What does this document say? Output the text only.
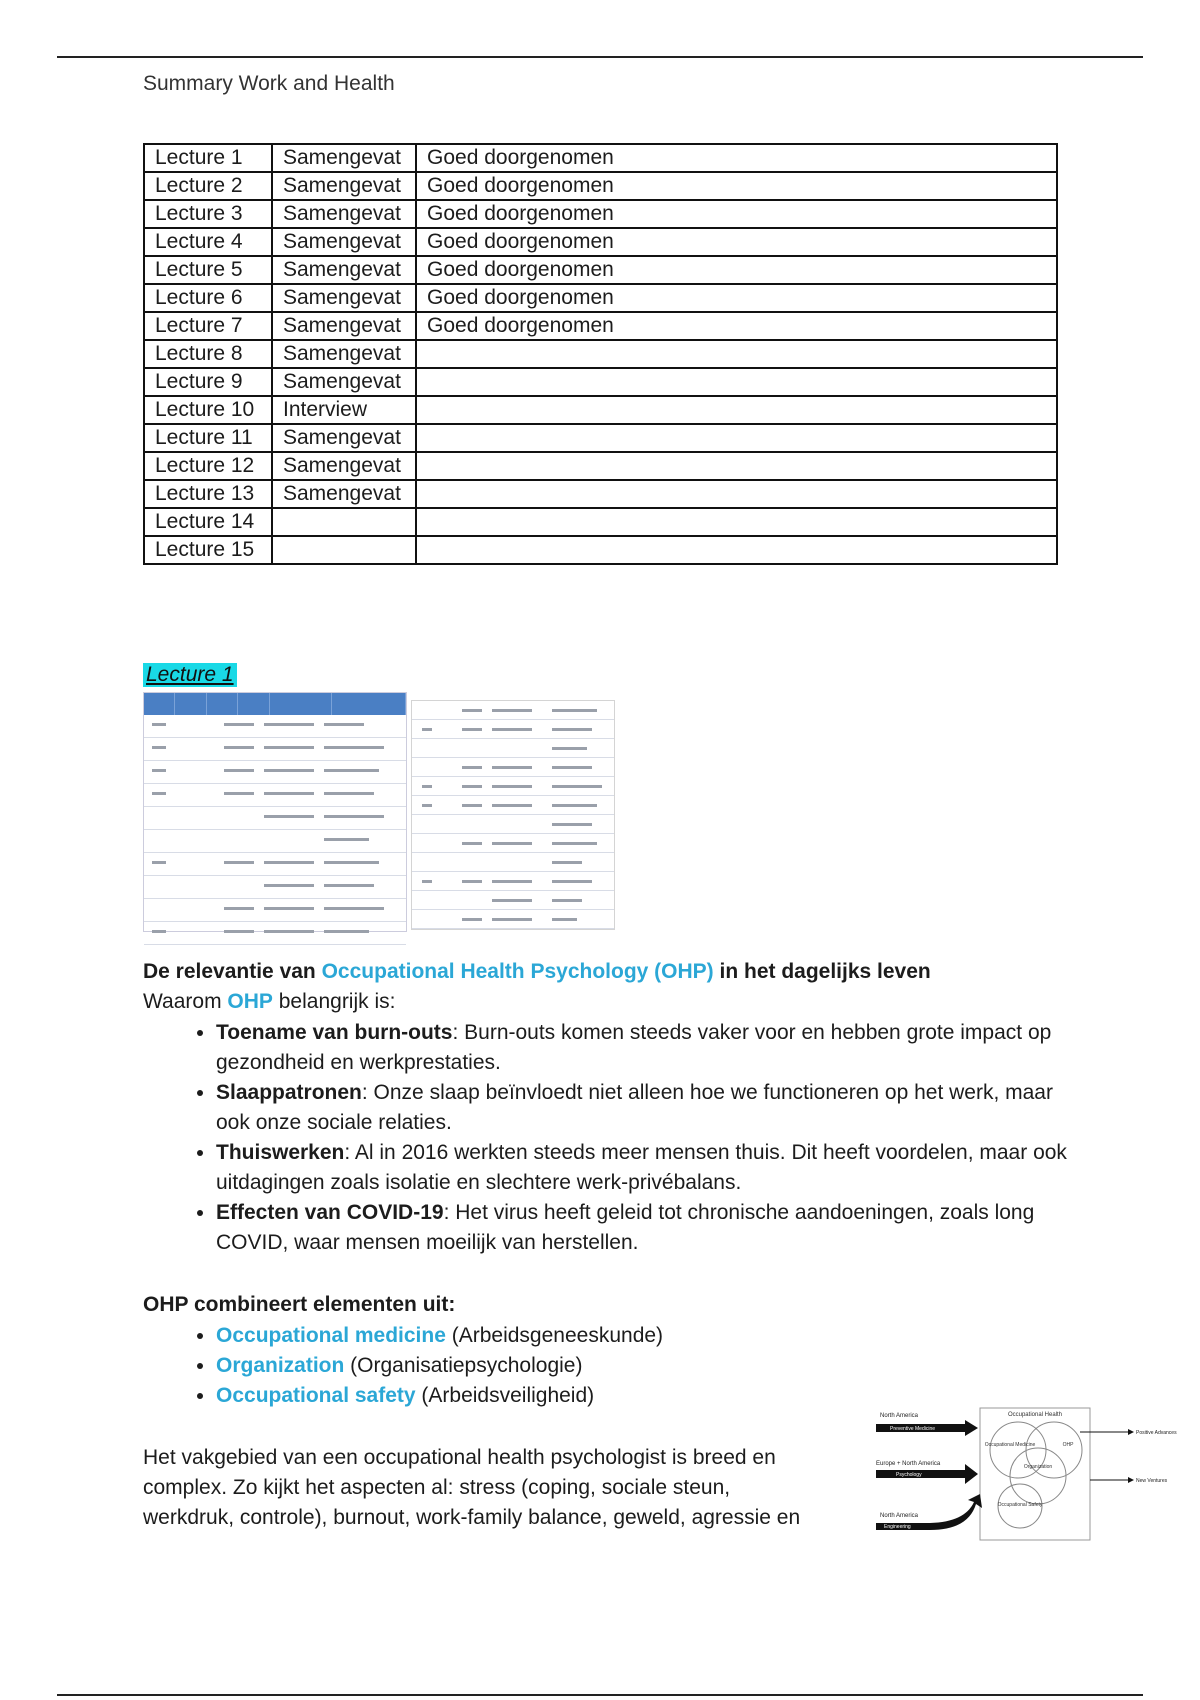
Summary Work and Health
Lecture 1	Samengevat	Goed doorgenomen
Lecture 2	Samengevat	Goed doorgenomen
Lecture 3	Samengevat	Goed doorgenomen
Lecture 4	Samengevat	Goed doorgenomen
Lecture 5	Samengevat	Goed doorgenomen
Lecture 6	Samengevat	Goed doorgenomen
Lecture 7	Samengevat	Goed doorgenomen
Lecture 8	Samengevat	
Lecture 9	Samengevat	
Lecture 10	Interview	
Lecture 11	Samengevat	
Lecture 12	Samengevat	
Lecture 13	Samengevat	
Lecture 14		
Lecture 15		
Lecture 1
De relevantie van Occupational Health Psychology (OHP) in het dagelijks leven
Waarom OHP belangrijk is:
• Toename van burn-outs: Burn-outs komen steeds vaker voor en hebben grote impact op gezondheid en werkprestaties.
• Slaappatronen: Onze slaap beïnvloedt niet alleen hoe we functioneren op het werk, maar ook onze sociale relaties.
• Thuiswerken: Al in 2016 werkten steeds meer mensen thuis. Dit heeft voordelen, maar ook uitdagingen zoals isolatie en slechtere werk-privébalans.
• Effecten van COVID-19: Het virus heeft geleid tot chronische aandoeningen, zoals long COVID, waar mensen moeilijk van herstellen.
OHP combineert elementen uit:
• Occupational medicine (Arbeidsgeneeskunde)
• Organization (Organisatiepsychologie)
• Occupational safety (Arbeidsveiligheid)
Het vakgebied van een occupational health psychologist is breed en
complex. Zo kijkt het aspecten al: stress (coping, sociale steun,
werkdruk, controle), burnout, work-family balance, geweld, agressie en
Occupational Health
Occupational Medicine	OHP
Organization
Occupational Safety
North America
Preventive Medicine
Europe + North America
Psychology
North America
Engineering
Positive Advances
New Ventures
